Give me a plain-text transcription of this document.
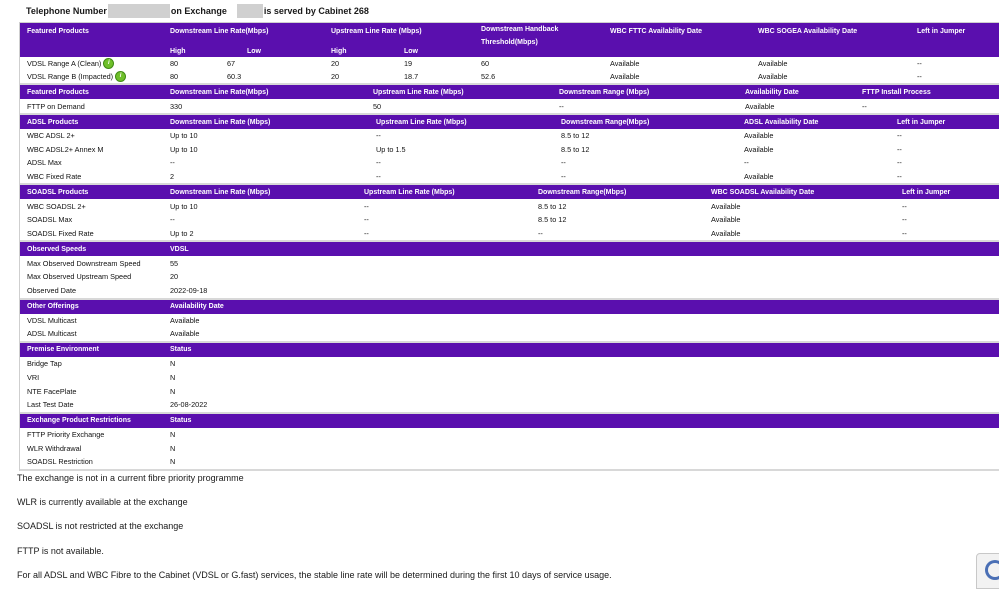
Telephone Number	on Exchange	is served by Cabinet 268
Featured Products	Downstream Line Rate(Mbps)	Upstream Line Rate (Mbps)	Downstream Handback Threshold(Mbps)
WBC FTTC Availability Date	WBC SOGEA Availability Date	Left in Jumper
High	Low	High	Low
VDSL Range A (Clean)	i	80	67	20	19	60	Available	Available	--
VDSL Range B (Impacted)	i	80	60.3	20	18.7	52.6	Available	Available	--
Featured Products	Downstream Line Rate(Mbps)	Upstream Line Rate (Mbps)	Downstream Range (Mbps)	Availability Date	FTTP Install Process
FTTP on Demand	330	50	--	Available	--
ADSL Products	Downstream Line Rate (Mbps)	Upstream Line Rate (Mbps)	Downstream Range(Mbps)	ADSL Availability Date	Left in Jumper
WBC ADSL 2+	Up to 10	--	8.5 to 12	Available	--
WBC ADSL2+ Annex M	Up to 10	Up to 1.5	8.5 to 12	Available	--
ADSL Max	--	--	--	--	--
WBC Fixed Rate	2	--	--	Available	--
SOADSL Products	Downstream Line Rate (Mbps)	Upstream Line Rate (Mbps)	Downstream Range(Mbps)	WBC SOADSL Availability Date	Left in Jumper
WBC SOADSL 2+	Up to 10	--	8.5 to 12	Available	--
SOADSL Max	--	--	8.5 to 12	Available	--
SOADSL Fixed Rate	Up to 2	--	--	Available	--
Observed Speeds	VDSL
Max Observed Downstream Speed	55
Max Observed Upstream Speed	20
Observed Date	2022-09-18
Other Offerings	Availability Date
VDSL Multicast	Available
ADSL Multicast	Available
Premise Environment	Status
Bridge Tap	N
VRI	N
NTE FacePlate	N
Last Test Date	26-08-2022
Exchange Product Restrictions	Status
FTTP Priority Exchange	N
WLR Withdrawal	N
SOADSL Restriction	N
The exchange is not in a current fibre priority programme
WLR is currently available at the exchange
SOADSL is not restricted at the exchange
FTTP is not available.
For all ADSL and WBC Fibre to the Cabinet (VDSL or G.fast) services, the stable line rate will be determined during the first 10 days of service usage.
